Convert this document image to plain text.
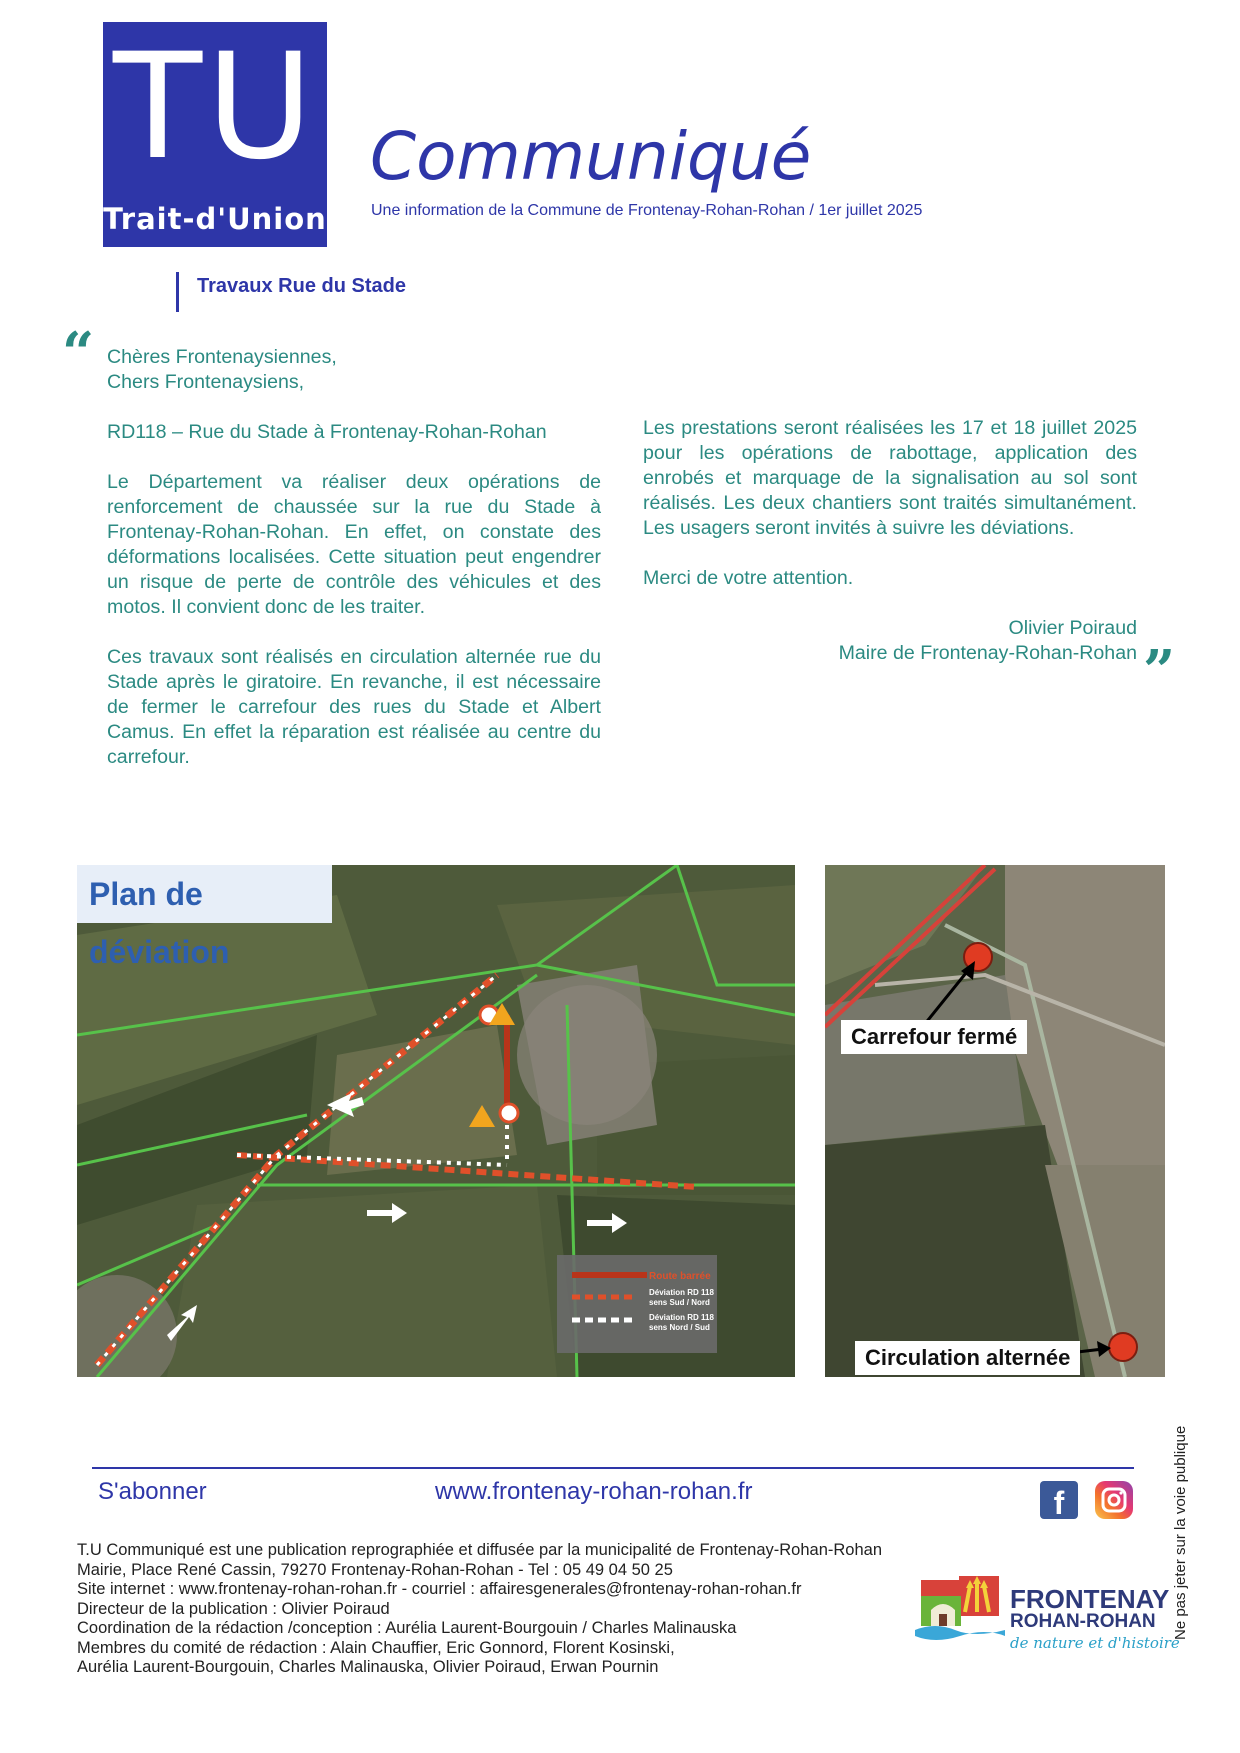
TU
Trait-d'Union
Communiqué
Une information de la Commune de Frontenay-Rohan-Rohan / 1er juillet 2025
Travaux Rue du Stade
“ Chères Frontenaysiennes,
Chers Frontenaysiens,

RD118 – Rue du Stade à Frontenay-Rohan-Rohan

Le Département va réaliser deux opérations de renforcement de chaussée sur la rue du Stade à Frontenay-Rohan-Rohan. En effet, on constate des déformations localisées. Cette situation peut engendrer un risque de perte de contrôle des véhicules et des motos. Il convient donc de les traiter.

Ces travaux sont réalisés en circulation alternée rue du Stade après le giratoire. En revanche, il est nécessaire de fermer le carrefour des rues du Stade et Albert Camus. En effet la réparation est réalisée au centre du carrefour.

Les prestations seront réalisées les 17 et 18 juillet 2025 pour les opérations de rabottage, application des enrobés et marquage de la signalisation au sol sont réalisés. Les deux chantiers sont traités simultanément. Les usagers seront invités à suivre les déviations.

Merci de votre attention.

Olivier Poiraud

Maire de Frontenay-Rohan-Rohan ”
Route barrée
Déviation RD 118
sens Sud / Nord
Déviation RD 118
sens Nord / Sud
Plan de déviation
Carrefour fermé
Circulation alternée
S'abonner	www.frontenay-rohan-rohan.fr	f
T.U Communiqué est une publication reprographiée et diffusée par la municipalité de Frontenay-Rohan-Rohan
Mairie, Place René Cassin, 79270 Frontenay-Rohan-Rohan - Tel : 05 49 04 50 25
Site internet : www.frontenay-rohan-rohan.fr - courriel : affairesgenerales@frontenay-rohan-rohan.fr
Directeur de la publication : Olivier Poiraud
Coordination de la rédaction /conception : Aurélia Laurent-Bourgouin / Charles Malinauska
Membres du comité de rédaction : Alain Chauffier, Eric Gonnord, Florent Kosinski,
Aurélia Laurent-Bourgouin, Charles Malinauska, Olivier Poiraud, Erwan Pournin
FRONTENAY
ROHAN-ROHAN
de nature et d'histoire
Ne pas jeter sur la voie publique
